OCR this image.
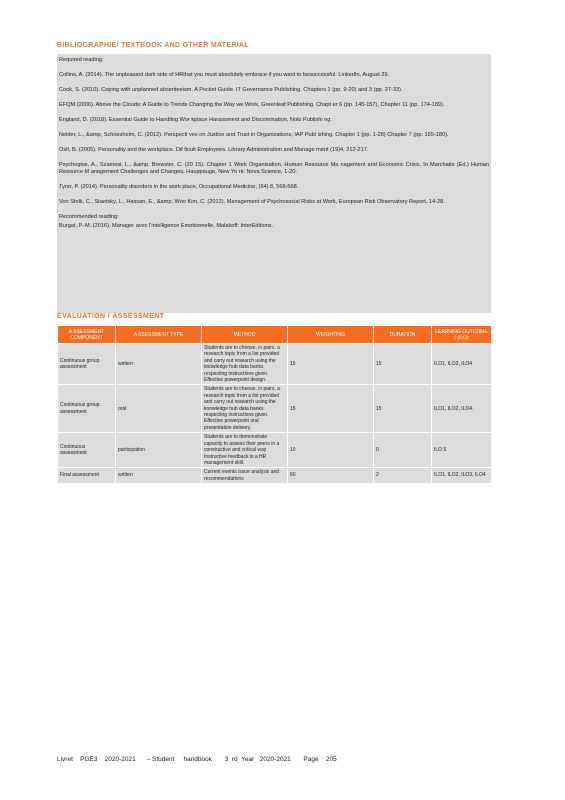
BIBLIOGRAPHIE/ TEXTBOOK AND OTHER MATERIAL

Required reading:

Collins, A. (2014). The unpleasant dark side of HRthat you must absolutely embrace if you want to besuccessful. LinkedIn, August 29.

Cook, S. (2010). Coping with unplanned absenteeism. A Pocket Guide. IT Governance Publishing. Chapters 1 (pp. 9-20) and 3 (pp. 27-33).

EFQM (2006). Above the Clouds: A Guide to Trends Changing the Way we Work, Greenleaf Publishing. Chapt er 6 (pp. 145-157), Chapter 11 (pp. 174-189).

England, D. (2018). Essential Guide to Handling Wor kplace Harassment and Discrimination, Nolo Publishi ng.

Nelder, L., &amp, Schriesheim, C. (2012). Perspecti ves on Justice and Trust in Organizations, IAP Publ ishing. Chapter 1 (pp. 1-28) Chapter 7 (pp. 165-180).

Osif, B. (2005). Personality and the workplace. Dif ficult Employees. Library Administration and Manage ment (19)4, 212-217.

Psychogios, A., Szamosi, L., &amp, Brewster, C. (20 15). Chapter 1 Work Organization, Human Resource Ma nagement and Economic Crisis, In Marchatio (Ed.) Human Resource M anagement Challenges and Changes, Hauppauge, New Yo rk: Nova Science, 1-20.

Tyrer, P. (2014). Personality disorders in the work place, Occupational Medicine, (64) 8, 566-568.

Von Stolk, C., Staetsky, L., Hassan, E., &amp, Woo Kim, C. (2012). Management of Psychosocial Risks at Work, European Risk Observatory Report, 14-28.

Recommended reading:

Burgat, P.-M. (2016), Manager avec l'intelligence Emotionnelle, Malakoff: InterEditions.

EVALUATION / ASSESSMENT
A SSESSMENT COMPONENT	A SSESSMENT TYPE	METHOD	WEIGHTING	DURATION	LEARNING OUTCOME ( (ILO)
Continuous group assessment	written	Students are to choose, in pairs, a research topic from a list provided and carry out research using the knowledge hub data banks respecting instructions given. Effective powerpoint design.	15	15	ILO1, ILO2, ILO4
Continuous group assessment	oral	Students are to choose, in pairs, a research topic from a list provided and carry out research using the knowledge hub data banks respecting instructions given. Effective powerpoint oral presentation delivery.	15	15	ILO1, ILO2, ILO4.
Continuous assessment	participation	Students are to demonstrate capacity to assess their peers in a constructive and critical way Instructive feedback is a HR management skill.	10	0	ILO 5
Final assessment	written	Current events issue analysis and recommendations	60	2	ILO1, ILO2, ILO3, ILO4
Livret    PGE3    2020-2021      – Student     handbook       3  rd  Year   2020-2021       Page    205
